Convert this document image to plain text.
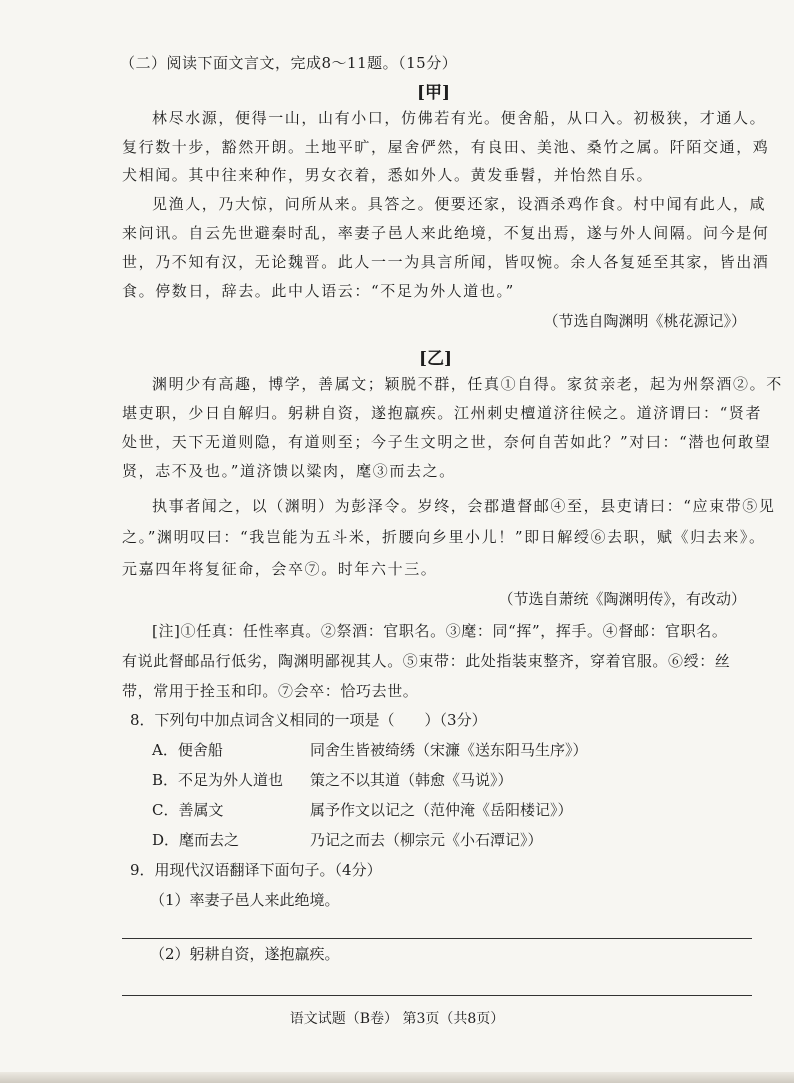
（二）阅读下面文言文，完成8～11题。（15分）
[甲]
林尽水源，便得一山，山有小口，仿佛若有光。便舍船，从口入。初极狭，才通人。
复行数十步，豁然开朗。土地平旷，屋舍俨然，有良田、美池、桑竹之属。阡陌交通，鸡
犬相闻。其中往来种作，男女衣着，悉如外人。黄发垂髫，并怡然自乐。
见渔人，乃大惊，问所从来。具答之。便要还家，设酒杀鸡作食。村中闻有此人，咸
来问讯。自云先世避秦时乱，率妻子邑人来此绝境，不复出焉，遂与外人间隔。问今是何
世，乃不知有汉，无论魏晋。此人一一为具言所闻，皆叹惋。余人各复延至其家，皆出酒
食。停数日，辞去。此中人语云：“不足为外人道也。”
（节选自陶渊明《桃花源记》）
[乙]
渊明少有高趣，博学，善属文；颖脱不群，任真①自得。家贫亲老，起为州祭酒②。不
堪吏职，少日自解归。躬耕自资，遂抱羸疾。江州刺史檀道济往候之。道济谓曰：“贤者
处世，天下无道则隐，有道则至；今子生文明之世，奈何自苦如此？”对曰：“潜也何敢望
贤，志不及也。”道济馈以粱肉，麾③而去之。
执事者闻之，以（渊明）为彭泽令。岁终，会郡遣督邮④至，县吏请曰：“应束带⑤见
之。”渊明叹曰：“我岂能为五斗米，折腰向乡里小儿！”即日解绶⑥去职，赋《归去来》。
元嘉四年将复征命，会卒⑦。时年六十三。
（节选自萧统《陶渊明传》，有改动）
[注]①任真：任性率真。②祭酒：官职名。③麾：同“挥”，挥手。④督邮：官职名。
有说此督邮品行低劣，陶渊明鄙视其人。⑤束带：此处指装束整齐，穿着官服。⑥绶：丝
带，常用于拴玉和印。⑦会卒：恰巧去世。
8．下列句中加点词含义相同的一项是（　　）（3分）
A．便舍船	同舍生皆被绮绣（宋濂《送东阳马生序》）
B．不足为外人道也 策之不以其道（韩愈《马说》）
C．善属文	属予作文以记之（范仲淹《岳阳楼记》）
D．麾而去之	乃记之而去（柳宗元《小石潭记》）
9．用现代汉语翻译下面句子。（4分）
（1）率妻子邑人来此绝境。
（2）躬耕自资，遂抱羸疾。
语文试题（B卷） 第3页（共8页）
